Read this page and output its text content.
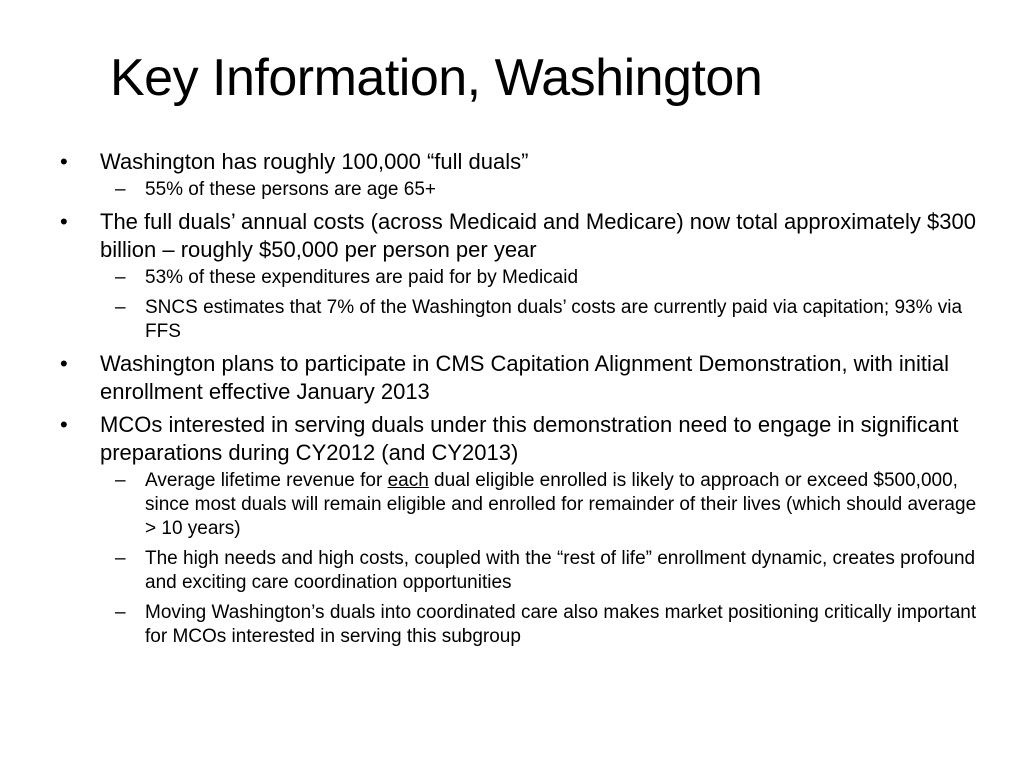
Key Information, Washington
• Washington has roughly 100,000 “full duals”
– 55% of these persons are age 65+
• The full duals’ annual costs (across Medicaid and Medicare) now total approximately $300 billion – roughly $50,000 per person per year
– 53% of these expenditures are paid for by Medicaid
– SNCS estimates that 7% of the Washington duals’ costs are currently paid via capitation; 93% via FFS
• Washington plans to participate in CMS Capitation Alignment Demonstration, with initial enrollment effective January 2013
• MCOs interested in serving duals under this demonstration need to engage in significant preparations during CY2012 (and CY2013)
– Average lifetime revenue for each dual eligible enrolled is likely to approach or exceed $500,000, since most duals will remain eligible and enrolled for remainder of their lives (which should average > 10 years)
– The high needs and high costs, coupled with the “rest of life” enrollment dynamic, creates profound and exciting care coordination opportunities
– Moving Washington’s duals into coordinated care also makes market positioning critically important for MCOs interested in serving this subgroup
